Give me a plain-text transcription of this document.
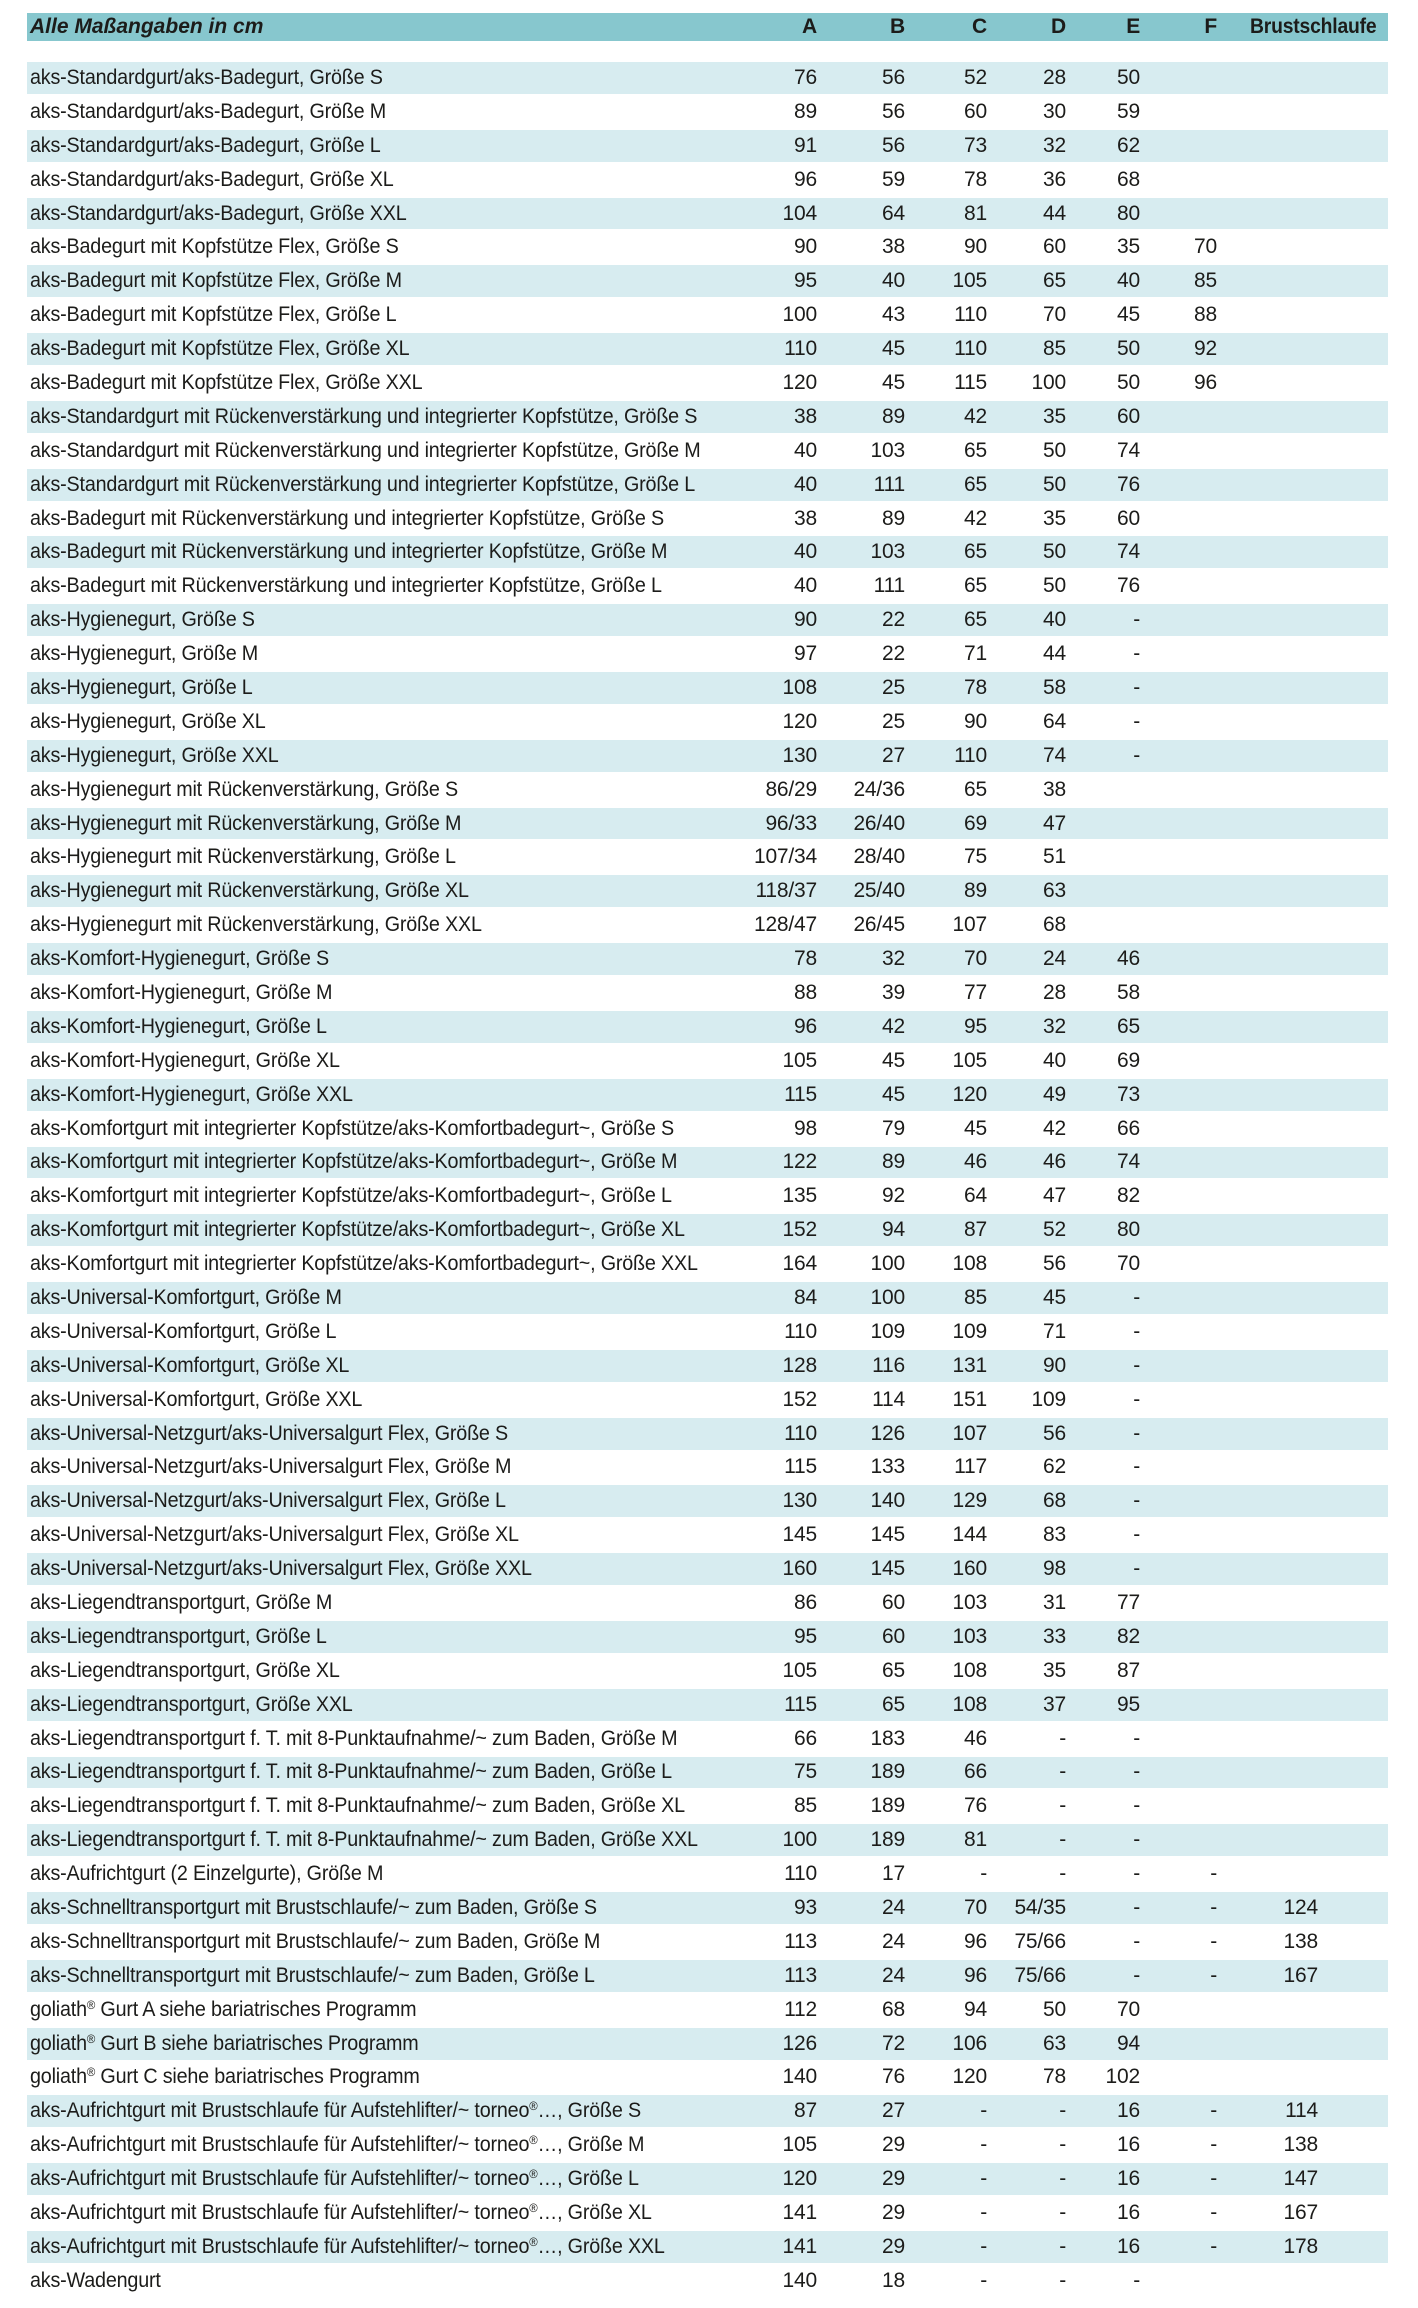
Alle Maßangaben in cm	A	B	C	D	E	F	Brustschlaufe
aks-Standardgurt/aks-Badegurt, Größe S	76	56	52	28	50
aks-Standardgurt/aks-Badegurt, Größe M	89	56	60	30	59
aks-Standardgurt/aks-Badegurt, Größe L	91	56	73	32	62
aks-Standardgurt/aks-Badegurt, Größe XL	96	59	78	36	68
aks-Standardgurt/aks-Badegurt, Größe XXL	104	64	81	44	80
aks-Badegurt mit Kopfstütze Flex, Größe S	90	38	90	60	35	70
aks-Badegurt mit Kopfstütze Flex, Größe M	95	40	105	65	40	85
aks-Badegurt mit Kopfstütze Flex, Größe L	100	43	110	70	45	88
aks-Badegurt mit Kopfstütze Flex, Größe XL	110	45	110	85	50	92
aks-Badegurt mit Kopfstütze Flex, Größe XXL	120	45	115	100	50	96
aks-Standardgurt mit Rückenverstärkung und integrierter Kopfstütze, Größe S	38	89	42	35	60
aks-Standardgurt mit Rückenverstärkung und integrierter Kopfstütze, Größe M	40	103	65	50	74
aks-Standardgurt mit Rückenverstärkung und integrierter Kopfstütze, Größe L	40	111	65	50	76
aks-Badegurt mit Rückenverstärkung und integrierter Kopfstütze, Größe S	38	89	42	35	60
aks-Badegurt mit Rückenverstärkung und integrierter Kopfstütze, Größe M	40	103	65	50	74
aks-Badegurt mit Rückenverstärkung und integrierter Kopfstütze, Größe L	40	111	65	50	76
aks-Hygienegurt, Größe S	90	22	65	40	-
aks-Hygienegurt, Größe M	97	22	71	44	-
aks-Hygienegurt, Größe L	108	25	78	58	-
aks-Hygienegurt, Größe XL	120	25	90	64	-
aks-Hygienegurt, Größe XXL	130	27	110	74	-
aks-Hygienegurt mit Rückenverstärkung, Größe S	86/29	24/36	65	38
aks-Hygienegurt mit Rückenverstärkung, Größe M	96/33	26/40	69	47
aks-Hygienegurt mit Rückenverstärkung, Größe L	107/34	28/40	75	51
aks-Hygienegurt mit Rückenverstärkung, Größe XL	118/37	25/40	89	63
aks-Hygienegurt mit Rückenverstärkung, Größe XXL	128/47	26/45	107	68
aks-Komfort-Hygienegurt, Größe S	78	32	70	24	46
aks-Komfort-Hygienegurt, Größe M	88	39	77	28	58
aks-Komfort-Hygienegurt, Größe L	96	42	95	32	65
aks-Komfort-Hygienegurt, Größe XL	105	45	105	40	69
aks-Komfort-Hygienegurt, Größe XXL	115	45	120	49	73
aks-Komfortgurt mit integrierter Kopfstütze/aks-Komfortbadegurt~, Größe S	98	79	45	42	66
aks-Komfortgurt mit integrierter Kopfstütze/aks-Komfortbadegurt~, Größe M	122	89	46	46	74
aks-Komfortgurt mit integrierter Kopfstütze/aks-Komfortbadegurt~, Größe L	135	92	64	47	82
aks-Komfortgurt mit integrierter Kopfstütze/aks-Komfortbadegurt~, Größe XL	152	94	87	52	80
aks-Komfortgurt mit integrierter Kopfstütze/aks-Komfortbadegurt~, Größe XXL	164	100	108	56	70
aks-Universal-Komfortgurt, Größe M	84	100	85	45	-
aks-Universal-Komfortgurt, Größe L	110	109	109	71	-
aks-Universal-Komfortgurt, Größe XL	128	116	131	90	-
aks-Universal-Komfortgurt, Größe XXL	152	114	151	109	-
aks-Universal-Netzgurt/aks-Universalgurt Flex, Größe S	110	126	107	56	-
aks-Universal-Netzgurt/aks-Universalgurt Flex, Größe M	115	133	117	62	-
aks-Universal-Netzgurt/aks-Universalgurt Flex, Größe L	130	140	129	68	-
aks-Universal-Netzgurt/aks-Universalgurt Flex, Größe XL	145	145	144	83	-
aks-Universal-Netzgurt/aks-Universalgurt Flex, Größe XXL	160	145	160	98	-
aks-Liegendtransportgurt, Größe M	86	60	103	31	77
aks-Liegendtransportgurt, Größe L	95	60	103	33	82
aks-Liegendtransportgurt, Größe XL	105	65	108	35	87
aks-Liegendtransportgurt, Größe XXL	115	65	108	37	95
aks-Liegendtransportgurt f. T. mit 8-Punktaufnahme/~ zum Baden, Größe M	66	183	46	-	-
aks-Liegendtransportgurt f. T. mit 8-Punktaufnahme/~ zum Baden, Größe L	75	189	66	-	-
aks-Liegendtransportgurt f. T. mit 8-Punktaufnahme/~ zum Baden, Größe XL	85	189	76	-	-
aks-Liegendtransportgurt f. T. mit 8-Punktaufnahme/~ zum Baden, Größe XXL	100	189	81	-	-
aks-Aufrichtgurt (2 Einzelgurte), Größe M	110	17	-	-	-	-
aks-Schnelltransportgurt mit Brustschlaufe/~ zum Baden, Größe S	93	24	70	54/35	-	-	124
aks-Schnelltransportgurt mit Brustschlaufe/~ zum Baden, Größe M	113	24	96	75/66	-	-	138
aks-Schnelltransportgurt mit Brustschlaufe/~ zum Baden, Größe L	113	24	96	75/66	-	-	167
goliath® Gurt A siehe bariatrisches Programm	112	68	94	50	70
goliath® Gurt B siehe bariatrisches Programm	126	72	106	63	94
goliath® Gurt C siehe bariatrisches Programm	140	76	120	78	102
aks-Aufrichtgurt mit Brustschlaufe für Aufstehlifter/~ torneo®…, Größe S	87	27	-	-	16	-	114
aks-Aufrichtgurt mit Brustschlaufe für Aufstehlifter/~ torneo®…, Größe M	105	29	-	-	16	-	138
aks-Aufrichtgurt mit Brustschlaufe für Aufstehlifter/~ torneo®…, Größe L	120	29	-	-	16	-	147
aks-Aufrichtgurt mit Brustschlaufe für Aufstehlifter/~ torneo®…, Größe XL	141	29	-	-	16	-	167
aks-Aufrichtgurt mit Brustschlaufe für Aufstehlifter/~ torneo®…, Größe XXL	141	29	-	-	16	-	178
aks-Wadengurt	140	18	-	-	-
